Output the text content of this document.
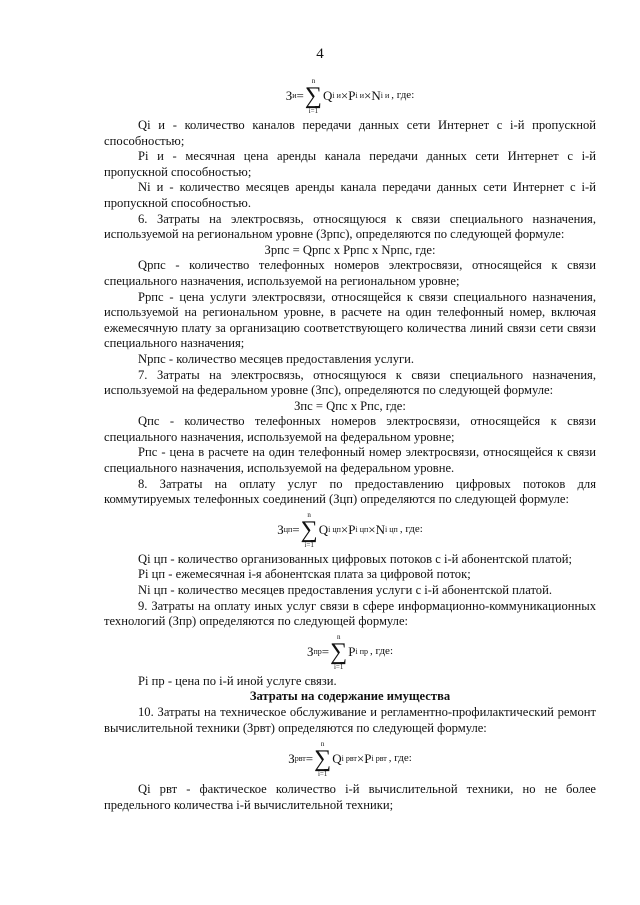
4
З и =
n
∑
i=1
Q i и × P i и × N i и , где:

Qi и - количество каналов передачи данных сети Интернет с i-й пропускной способностью;

Pi и - месячная цена аренды канала передачи данных сети Интернет с i-й пропускной способностью;

Ni и - количество месяцев аренды канала передачи данных сети Интернет с i-й пропускной способностью.

6. Затраты на электросвязь, относящуюся к связи специального назначения, используемой на региональном уровне (Зрпс), определяются по следующей формуле:

Зрпс = Qрпс x Pрпс x Nрпс, где:

Qрпс - количество телефонных номеров электросвязи, относящейся к связи специального назначения, используемой на региональном уровне;

Pрпс - цена услуги электросвязи, относящейся к связи специального назначения, используемой на региональном уровне, в расчете на один телефонный номер, включая ежемесячную плату за организацию соответствующего количества линий связи сети связи специального назначения;

Nрпс - количество месяцев предоставления услуги.

7. Затраты на электросвязь, относящуюся к связи специального назначения, используемой на федеральном уровне (Зпс), определяются по следующей формуле:

Зпс = Qпс x Pпс, где:

Qпс - количество телефонных номеров электросвязи, относящейся к связи специального назначения, используемой на федеральном уровне;

Pпс - цена в расчете на один телефонный номер электросвязи, относящейся к связи специального назначения, используемой на федеральном уровне.

8. Затраты на оплату услуг по предоставлению цифровых потоков для коммутируемых телефонных соединений (Зцп) определяются по следующей формуле:

З цп =
n
∑
i=1
Q i цп × P i цп × N i цп , где:

Qi цп - количество организованных цифровых потоков с i-й абонентской платой;

Pi цп - ежемесячная i-я абонентская плата за цифровой поток;

Ni цп - количество месяцев предоставления услуги с i-й абонентской платой.

9. Затраты на оплату иных услуг связи в сфере информационно-коммуникационных технологий (Зпр) определяются по следующей формуле:

З пр =
n
∑
i=1
P i пр , где:

Pi пр - цена по i-й иной услуге связи.

Затраты на содержание имущества

10. Затраты на техническое обслуживание и регламентно-профилактический ремонт вычислительной техники (Зрвт) определяются по следующей формуле:

З рвт =
n
∑
i=1
Q i рвт × P i рвт , где:

Qi рвт - фактическое количество i-й вычислительной техники, но не более предельного количества i-й вычислительной техники;
